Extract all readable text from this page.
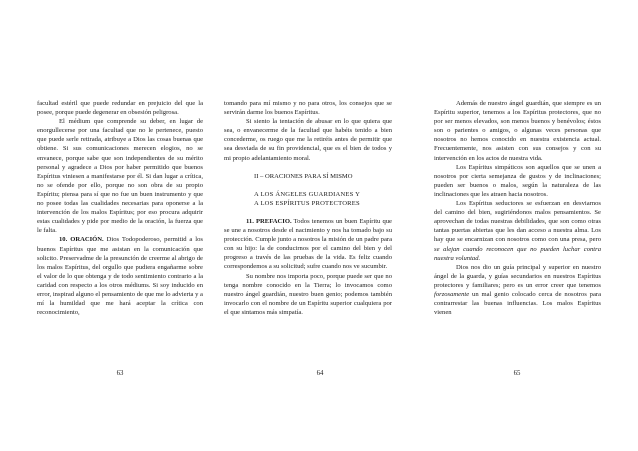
facultad estéril que puede redundar en prejuicio del que la posee, porque puede degenerar en obsesión peligrosa.

El médium que comprende su deber, en lugar de enorgullecerse por una facultad que no le pertenece, puesto que puede serle retirada, atribuye a Dios las cosas buenas que obtiene. Si sus comunicaciones merecen elogios, no se envanece, porque sabe que son independientes de su mérito personal y agradece a Dios por haber permitido que buenos Espíritus viniesen a manifestarse por él. Si dan lugar a crítica, no se ofende por ello, porque no son obra de su propio Espíritu; piensa para sí que no fue un buen instrumento y que no posee todas las cualidades necesarias para oponerse a la intervención de los malos Espíritus; por eso procura adquirir estas cualidades y pide por medio de la oración, la fuerza que le falta.

10. ORACIÓN. Dios Todopoderoso, permitid a los buenos Espíritus que me asistan en la comunicación que solicito. Preservadme de la presunción de creerme al abrigo de los malos Espíritus, del orgullo que pudiera engañarme sobre el valor de lo que obtenga y de todo sentimiento contrario a la caridad con respecto a los otros médiums. Si soy inducido en error, inspirad alguno el pensamiento de que me lo advierta y a mí la humildad que me hará aceptar la crítica con reconocimiento,

63

tomando para mí mismo y no para otros, los consejos que se servirán darme los buenos Espíritus.

Si siento la tentación de abusar en lo que quiera que sea, o envanecerme de la facultad que habéis tenido a bien concederme, os ruego que me la retiréis antes de permitir que sea desviada de su fin providencial, que es el bien de todos y mi propio adelantamiento moral.

II – ORACIONES PARA SÍ MISMO

A LOS ÁNGELES GUARDIANES Y

A LOS ESPÍRITUS PROTECTORES

11. PREFACIO. Todos tenemos un buen Espíritu que se une a nosotros desde el nacimiento y nos ha tomado bajo su protección. Cumple junto a nosotros la misión de un padre para con su hijo: la de conducirnos por el camino del bien y del progreso a través de las pruebas de la vida. Es feliz cuando correspondemos a su solicitud; sufre cuando nos ve sucumbir.

Su nombre nos importa poco, porque puede ser que no tenga nombre conocido en la Tierra; lo invocamos como nuestro ángel guardián, nuestro buen genio; podemos también invocarlo con el nombre de un Espíritu superior cualquiera por el que sintamos más simpatía.

64

Además de nuestro ángel guardián, que siempre es un Espíritu superior, tenemos a los Espíritus protectores, que no por ser menos elevados, son menos buenos y benévolos; éstos son o parientes o amigos, o algunas veces personas que nosotros no hemos conocido en nuestra existencia actual. Frecuentemente, nos asisten con sus consejos y con su intervención en los actos de nuestra vida.

Los Espíritus simpáticos son aquellos que se unen a nosotros por cierta semejanza de gustos y de inclinaciones; pueden ser buenos o malos, según la naturaleza de las inclinaciones que les atraen hacia nosotros.

Los Espíritus seductores se esfuerzan en desviarnos del camino del bien, sugiriéndonos malos pensamientos. Se aprovechan de todas nuestras debilidades, que son como otras tantas puertas abiertas que les dan acceso a nuestra alma. Los hay que se encarnizan con nosotros como con una presa, pero se alejan cuando reconocen que no pueden luchar contra nuestra voluntad.

Dios nos dio un guía principal y superior en nuestro ángel de la guarda, y guías secundarios en nuestros Espíritus protectores y familiares; pero es un error creer que tenemos forzosamente un mal genio colocado cerca de nosotros para contrarrestar las buenas influencias. Los malos Espíritus vienen

65
